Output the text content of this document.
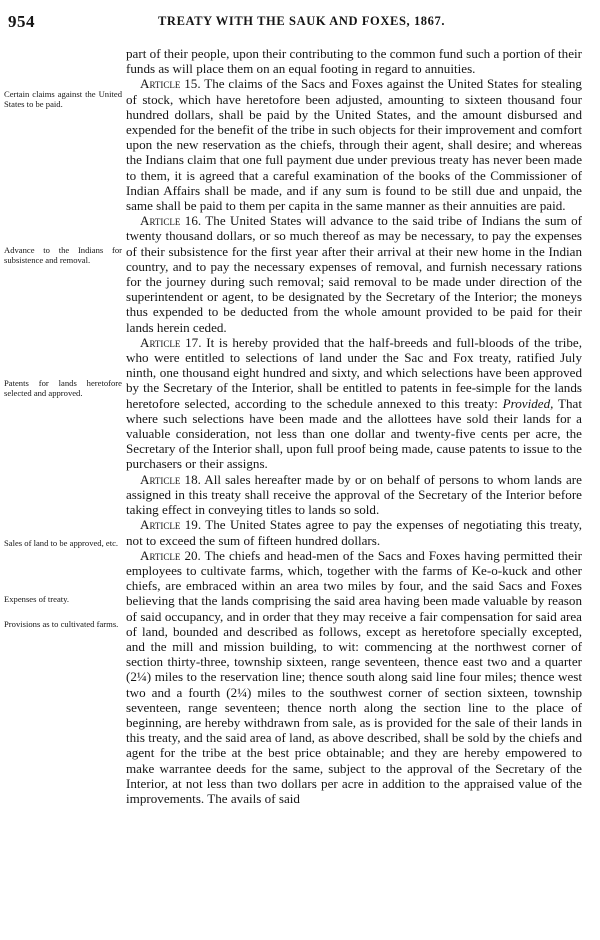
954	TREATY WITH THE SAUK AND FOXES, 1867.
Certain claims against the United States to be paid.
Advance to the Indians for subsistence and removal.
Patents for lands heretofore selected and approved.
Sales of land to be approved, etc.
Expenses of treaty.
Provisions as to cultivated farms.

part of their people, upon their contributing to the common fund such a portion of their funds as will place them on an equal footing in regard to annuities.

Article 15. The claims of the Sacs and Foxes against the United States for stealing of stock, which have heretofore been adjusted, amounting to sixteen thousand four hundred dollars, shall be paid by the United States, and the amount disbursed and expended for the benefit of the tribe in such objects for their improvement and comfort upon the new reservation as the chiefs, through their agent, shall desire; and whereas the Indians claim that one full payment due under previous treaty has never been made to them, it is agreed that a careful examination of the books of the Commissioner of Indian Affairs shall be made, and if any sum is found to be still due and unpaid, the same shall be paid to them per capita in the same manner as their annuities are paid.

Article 16. The United States will advance to the said tribe of Indians the sum of twenty thousand dollars, or so much thereof as may be necessary, to pay the expenses of their subsistence for the first year after their arrival at their new home in the Indian country, and to pay the necessary expenses of removal, and furnish necessary rations for the journey during such removal; said removal to be made under direction of the superintendent or agent, to be designated by the Secretary of the Interior; the moneys thus expended to be deducted from the whole amount provided to be paid for their lands herein ceded.

Article 17. It is hereby provided that the half-breeds and full-bloods of the tribe, who were entitled to selections of land under the Sac and Fox treaty, ratified July ninth, one thousand eight hundred and sixty, and which selections have been approved by the Secretary of the Interior, shall be entitled to patents in fee-simple for the lands heretofore selected, according to the schedule annexed to this treaty: Provided, That where such selections have been made and the allottees have sold their lands for a valuable consideration, not less than one dollar and twenty-five cents per acre, the Secretary of the Interior shall, upon full proof being made, cause patents to issue to the purchasers or their assigns.

Article 18. All sales hereafter made by or on behalf of persons to whom lands are assigned in this treaty shall receive the approval of the Secretary of the Interior before taking effect in conveying titles to lands so sold.

Article 19. The United States agree to pay the expenses of negotiating this treaty, not to exceed the sum of fifteen hundred dollars.

Article 20. The chiefs and head-men of the Sacs and Foxes having permitted their employees to cultivate farms, which, together with the farms of Ke-o-kuck and other chiefs, are embraced within an area two miles by four, and the said Sacs and Foxes believing that the lands comprising the said area having been made valuable by reason of said occupancy, and in order that they may receive a fair compensation for said area of land, bounded and described as follows, except as heretofore specially excepted, and the mill and mission building, to wit: commencing at the northwest corner of section thirty-three, township sixteen, range seventeen, thence east two and a quarter (2¼) miles to the reservation line; thence south along said line four miles; thence west two and a fourth (2¼) miles to the southwest corner of section sixteen, township seventeen, range seventeen; thence north along the section line to the place of beginning, are hereby withdrawn from sale, as is provided for the sale of their lands in this treaty, and the said area of land, as above described, shall be sold by the chiefs and agent for the tribe at the best price obtainable; and they are hereby empowered to make warrantee deeds for the same, subject to the approval of the Secretary of the Interior, at not less than two dollars per acre in addition to the appraised value of the improvements. The avails of said
